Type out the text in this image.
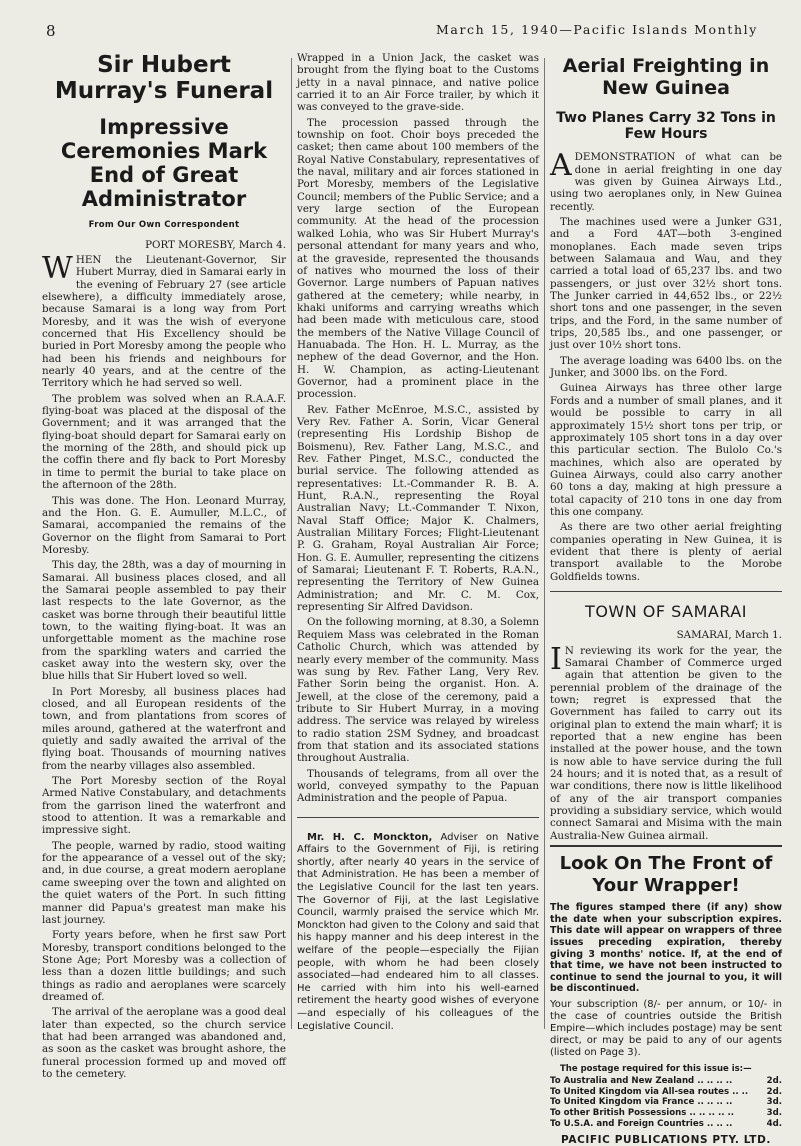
8	March 15, 1940—Pacific Islands Monthly
Sir Hubert Murray's Funeral
Impressive Ceremonies Mark End of Great Administrator
From Our Own Correspondent

PORT MORESBY, March 4.

WHEN the Lieutenant-Governor, Sir Hubert Murray, died in Samarai early in the evening of February 27 (see article elsewhere), a difficulty immediately arose, because Samarai is a long way from Port Moresby, and it was the wish of everyone concerned that His Excellency should be buried in Port Moresby among the people who had been his friends and neighbours for nearly 40 years, and at the centre of the Territory which he had served so well.

The problem was solved when an R.A.A.F. flying-boat was placed at the disposal of the Government; and it was arranged that the flying-boat should depart for Samarai early on the morning of the 28th, and should pick up the coffin there and fly back to Port Moresby in time to permit the burial to take place on the afternoon of the 28th.

This was done. The Hon. Leonard Murray, and the Hon. G. E. Aumuller, M.L.C., of Samarai, accompanied the remains of the Governor on the flight from Samarai to Port Moresby.

This day, the 28th, was a day of mourning in Samarai. All business places closed, and all the Samarai people assembled to pay their last respects to the late Governor, as the casket was borne through their beautiful little town, to the waiting flying-boat. It was an unforgettable moment as the machine rose from the sparkling waters and carried the casket away into the western sky, over the blue hills that Sir Hubert loved so well.

In Port Moresby, all business places had closed, and all European residents of the town, and from plantations from scores of miles around, gathered at the waterfront and quietly and sadly awaited the arrival of the flying boat. Thousands of mourning natives from the nearby villages also assembled.

The Port Moresby section of the Royal Armed Native Constabulary, and detachments from the garrison lined the waterfront and stood to attention. It was a remarkable and impressive sight.

The people, warned by radio, stood waiting for the appearance of a vessel out of the sky; and, in due course, a great modern aeroplane came sweeping over the town and alighted on the quiet waters of the Port. In such fitting manner did Papua's greatest man make his last journey.

Forty years before, when he first saw Port Moresby, transport conditions belonged to the Stone Age; Port Moresby was a collection of less than a dozen little buildings; and such things as radio and aeroplanes were scarcely dreamed of.

The arrival of the aeroplane was a good deal later than expected, so the church service that had been arranged was abandoned and, as soon as the casket was brought ashore, the funeral procession formed up and moved off to the cemetery.

Wrapped in a Union Jack, the casket was brought from the flying boat to the Customs jetty in a naval pinnace, and native police carried it to an Air Force trailer, by which it was conveyed to the grave-side.

The procession passed through the township on foot. Choir boys preceded the casket; then came about 100 members of the Royal Native Constabulary, representatives of the naval, military and air forces stationed in Port Moresby, members of the Legislative Council; members of the Public Service; and a very large section of the European community. At the head of the procession walked Lohia, who was Sir Hubert Murray's personal attendant for many years and who, at the graveside, represented the thousands of natives who mourned the loss of their Governor. Large numbers of Papuan natives gathered at the cemetery; while nearby, in khaki uniforms and carrying wreaths which had been made with meticulous care, stood the members of the Native Village Council of Hanuabada. The Hon. H. L. Murray, as the nephew of the dead Governor, and the Hon. H. W. Champion, as acting-Lieutenant Governor, had a prominent place in the procession.

Rev. Father McEnroe, M.S.C., assisted by Very Rev. Father A. Sorin, Vicar General (representing His Lordship Bishop de Boismenu), Rev. Father Lang, M.S.C., and Rev. Father Pinget, M.S.C., conducted the burial service. The following attended as representatives: Lt.-Commander R. B. A. Hunt, R.A.N., representing the Royal Australian Navy; Lt.-Commander T. Nixon, Naval Staff Office; Major K. Chalmers, Australian Military Forces; Flight-Lieutenant P. G. Graham, Royal Australian Air Force; Hon. G. E. Aumuller, representing the citizens of Samarai; Lieutenant F. T. Roberts, R.A.N., representing the Territory of New Guinea Administration; and Mr. C. M. Cox, representing Sir Alfred Davidson.

On the following morning, at 8.30, a Solemn Requiem Mass was celebrated in the Roman Catholic Church, which was attended by nearly every member of the community. Mass was sung by Rev. Father Lang, Very Rev. Father Sorin being the organist. Hon. A. Jewell, at the close of the ceremony, paid a tribute to Sir Hubert Murray, in a moving address. The service was relayed by wireless to radio station 2SM Sydney, and broadcast from that station and its associated stations throughout Australia.

Thousands of telegrams, from all over the world, conveyed sympathy to the Papuan Administration and the people of Papua.

Mr. H. C. Monckton, Adviser on Native Affairs to the Government of Fiji, is retiring shortly, after nearly 40 years in the service of that Administration. He has been a member of the Legislative Council for the last ten years. The Governor of Fiji, at the last Legislative Council, warmly praised the service which Mr. Monckton had given to the Colony and said that his happy manner and his deep interest in the welfare of the people—especially the Fijian people, with whom he had been closely associated—had endeared him to all classes. He carried with him into his well-earned retirement the hearty good wishes of everyone—and especially of his colleagues of the Legislative Council.

Aerial Freighting in New Guinea
Two Planes Carry 32 Tons in Few Hours

ADEMONSTRATION of what can be done in aerial freighting in one day was given by Guinea Airways Ltd., using two aeroplanes only, in New Guinea recently.

The machines used were a Junker G31, and a Ford 4AT—both 3-engined monoplanes. Each made seven trips between Salamaua and Wau, and they carried a total load of 65,237 lbs. and two passengers, or just over 32½ short tons. The Junker carried in 44,652 lbs., or 22½ short tons and one passenger, in the seven trips, and the Ford, in the same number of trips, 20,585 lbs., and one passenger, or just over 10½ short tons.

The average loading was 6400 lbs. on the Junker, and 3000 lbs. on the Ford.

Guinea Airways has three other large Fords and a number of small planes, and it would be possible to carry in all approximately 15½ short tons per trip, or approximately 105 short tons in a day over this particular section. The Bulolo Co.'s machines, which also are operated by Guinea Airways, could also carry another 60 tons a day, making at high pressure a total capacity of 210 tons in one day from this one company.

As there are two other aerial freighting companies operating in New Guinea, it is evident that there is plenty of aerial transport available to the Morobe Goldfields towns.

TOWN OF SAMARAI

SAMARAI, March 1.

I N reviewing its work for the year, the Samarai Chamber of Commerce urged again that attention be given to the perennial problem of the drainage of the town; regret is expressed that the Government has failed to carry out its original plan to extend the main wharf; it is reported that a new engine has been installed at the power house, and the town is now able to have service during the full 24 hours; and it is noted that, as a result of war conditions, there now is little likelihood of any of the air transport companies providing a subsidiary service, which would connect Samarai and Misima with the main Australia-New Guinea airmail.

Look On The Front of Your Wrapper!
The figures stamped there (if any) show the date when your subscription expires. This date will appear on wrappers of three issues preceding expiration, thereby giving 3 months' notice. If, at the end of that time, we have not been instructed to continue to send the journal to you, it will be discontinued.

Your subscription (8/- per annum, or 10/- in the case of countries outside the British Empire—which includes postage) may be sent direct, or may be paid to any of our agents (listed on Page 3).

The postage required for this issue is:—
To Australia and New Zealand .. .. .. ..	2d.
To United Kingdom via All-sea routes .. ..	2d.
To United Kingdom via France .. .. .. ..	3d.
To other British Possessions .. .. .. .. ..	3d.
To U.S.A. and Foreign Countries .. .. ..	4d.
PACIFIC PUBLICATIONS PTY. LTD.
